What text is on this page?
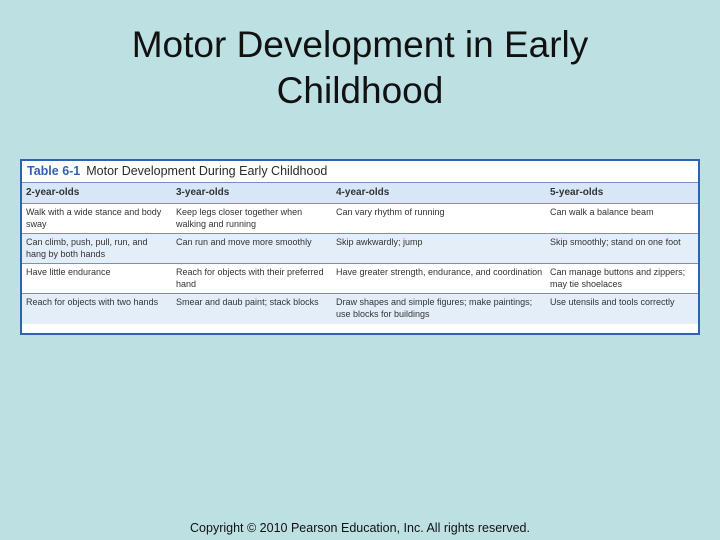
Motor Development in Early Childhood
Table 6-1 Motor Development During Early Childhood
2-year-olds	3-year-olds	4-year-olds	5-year-olds
Walk with a wide stance and body sway	Keep legs closer together when walking and running	Can vary rhythm of running	Can walk a balance beam
Can climb, push, pull, run, and hang by both hands	Can run and move more smoothly	Skip awkwardly; jump	Skip smoothly; stand on one foot
Have little endurance	Reach for objects with their preferred hand	Have greater strength, endurance, and coordination	Can manage buttons and zippers; may tie shoelaces
Reach for objects with two hands	Smear and daub paint; stack blocks	Draw shapes and simple figures; make paintings; use blocks for buildings	Use utensils and tools correctly
Copyright © 2010 Pearson Education, Inc. All rights reserved.
